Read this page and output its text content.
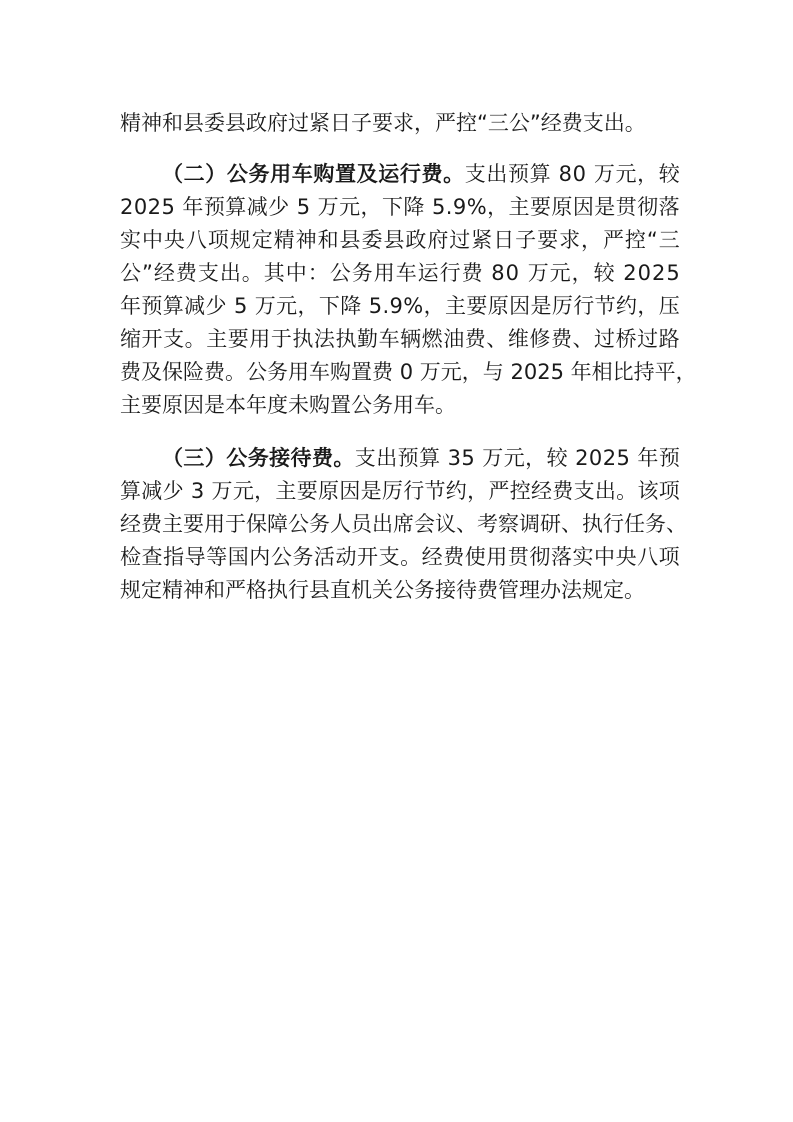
精神和县委县政府过紧日子要求，严控“三公”经费支出。
（ 二 ） 公 务 用 车 购 置 及 运 行 费 。 支 出 预 算
8 0
万 元 ， 较
2 0 2 5
年 预 算 减 少
5
万 元 ， 下 降
5 . 9 % ， 主 要 原 因 是 贯 彻 落
实 中 央 八 项 规 定 精 神 和 县 委 县 政 府 过 紧 日 子 要 求 ， 严 控 “ 三
公 ” 经 费 支 出 。 其 中 ： 公 务 用 车 运 行 费
8 0
万 元 ， 较
2 0 2 5
年 预 算 减 少
5
万 元 ， 下 降
5 . 9 % ， 主 要 原 因 是 厉 行 节 约 ， 压
缩 开 支 。 主 要 用 于 执 法 执 勤 车 辆 燃 油 费 、 维 修 费 、 过 桥 过 路
费 及 保 险 费 。 公 务 用 车 购 置 费
0
万 元 ， 与
2 0 2 5
年 相 比 持 平 ，
主要原因是本年度未购置公务用车。
（ 三 ） 公 务 接 待 费 。 支 出 预 算
3 5
万 元 ， 较
2 0 2 5
年 预
算 减 少
3
万 元 ， 主 要 原 因 是 厉 行 节 约 ， 严 控 经 费 支 出 。 该 项
经 费 主 要 用 于 保 障 公 务 人 员 出 席 会 议 、 考 察 调 研 、 执 行 任 务 、
检 查 指 导 等 国 内 公 务 活 动 开 支 。 经 费 使 用 贯 彻 落 实 中 央 八 项
规定精神和严格执行县直机关公务接待费管理办法规定。
